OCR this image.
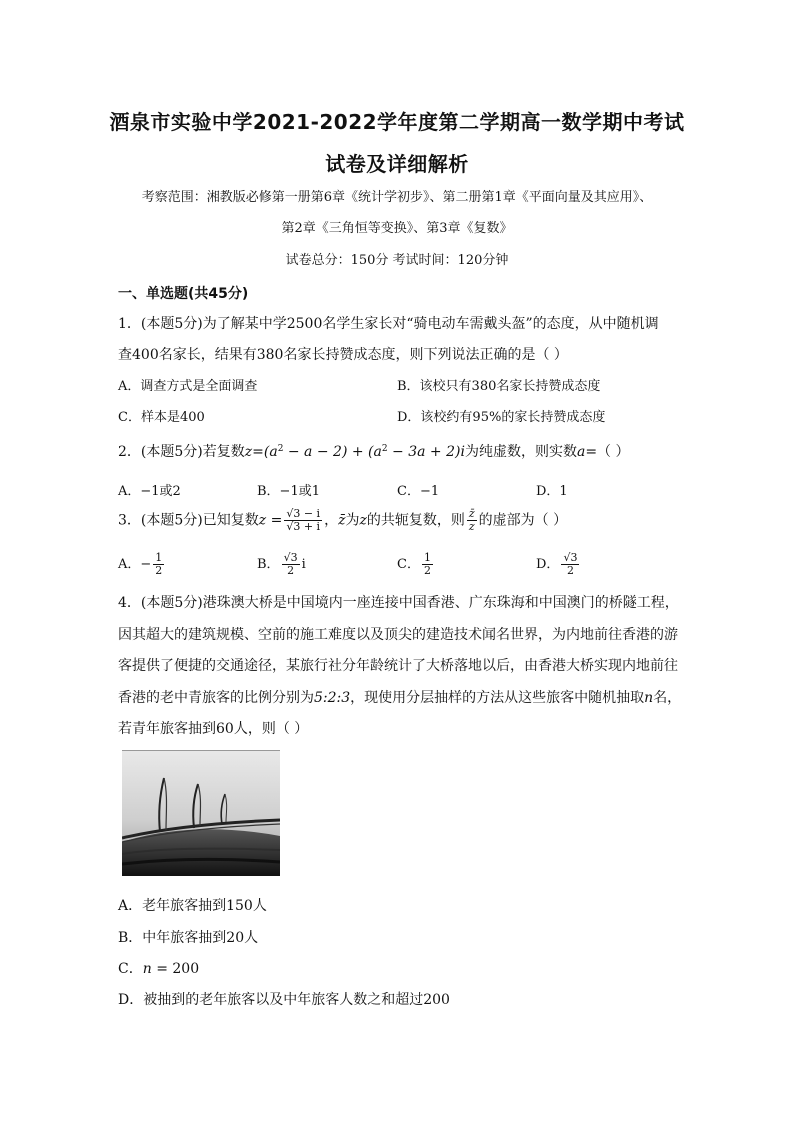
酒泉市实验中学2021-2022学年度第二学期高一数学期中考试
试卷及详细解析
考察范围：湘教版必修第一册第6章《统计学初步》、第二册第1章《平面向量及其应用》、
第2章《三角恒等变换》、第3章《复数》
试卷总分：150分 考试时间：120分钟
一、单选题(共45分)
1．(本题5分)为了解某中学2500名学生家长对“骑电动车需戴头盔”的态度，从中随机调
查400名家长，结果有380名家长持赞成态度，则下列说法正确的是（ ）
A．调查方式是全面调查	B．该校只有380名家长持赞成态度
C．样本是400	D．该校约有95%的家长持赞成态度
2．(本题5分)若复数$z=(a^2 - a - 2) + (a^2 - 3a + 2)i$为纯虚数，则实数a=（ ）
A．−1或2	B．−1或1	C．−1	D．1
3．(本题5分)已知复数$z = \frac{√3 - i}{√3 + i}$ ，z̄为z的共轭复数，则 $\frac{z̄}{z}$ 的虚部为（ ）
A．− $\frac{1}{2}$	B． $\frac{√3}{2}$ i	C． $\frac{1}{2}$	D． $\frac{√3}{2}$
4．(本题5分)港珠澳大桥是中国境内一座连接中国香港、广东珠海和中国澳门的桥隧工程，
因其超大的建筑规模、空前的施工难度以及顶尖的建造技术闻名世界，为内地前往香港的游
客提供了便捷的交通途径，某旅行社分年龄统计了大桥落地以后，由香港大桥实现内地前往
香港的老中青旅客的比例分别为5:2:3，现使用分层抽样的方法从这些旅客中随机抽取n名，
若青年旅客抽到60人，则（ ）
A．老年旅客抽到150人
B．中年旅客抽到20人
C．n = 200
D．被抽到的老年旅客以及中年旅客人数之和超过200
